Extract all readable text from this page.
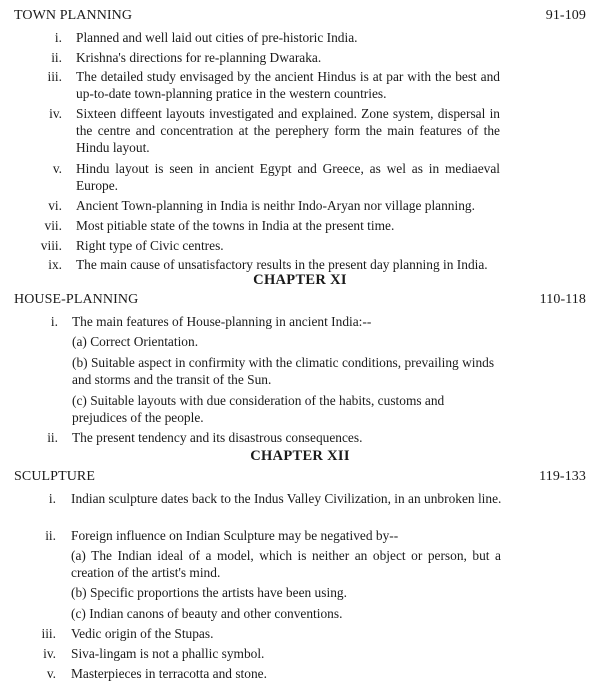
TOWN PLANNING	91-109
i. Planned and well laid out cities of pre-historic India.
ii. Krishna's directions for re-planning Dwaraka.
iii. The detailed study envisaged by the ancient Hindus is at par with the best and up-to-date town-planning pratice in the western countries.
iv. Sixteen diffeent layouts investigated and explained. Zone system, dispersal in the centre and concentration at the perephery form the main features of the Hindu layout.
v. Hindu layout is seen in ancient Egypt and Greece, as wel as in mediaeval Europe.
vi. Ancient Town-planning in India is neithr Indo-Aryan nor village planning.
vii. Most pitiable state of the towns in India at the present time.
viii. Right type of Civic centres.
ix. The main cause of unsatisfactory results in the present day planning in India.
CHAPTER XI
HOUSE-PLANNING	110-118
i. The main features of House-planning in ancient India:--
(a) Correct Orientation.
(b) Suitable aspect in confirmity with the climatic conditions, prevailing winds and storms and the transit of the Sun.
(c) Suitable layouts with due consideration of the habits, customs and prejudices of the people.
ii. The present tendency and its disastrous consequences.
CHAPTER XII
SCULPTURE	119-133
i. Indian sculpture dates back to the Indus Valley Civilization, in an unbroken line.
ii. Foreign influence on Indian Sculpture may be negatived by--
(a) The Indian ideal of a model, which is neither an object or person, but a creation of the artist's mind.
(b) Specific proportions the artists have been using.
(c) Indian canons of beauty and other conventions.
iii. Vedic origin of the Stupas.
iv. Siva-lingam is not a phallic symbol.
v. Masterpieces in terracotta and stone.
